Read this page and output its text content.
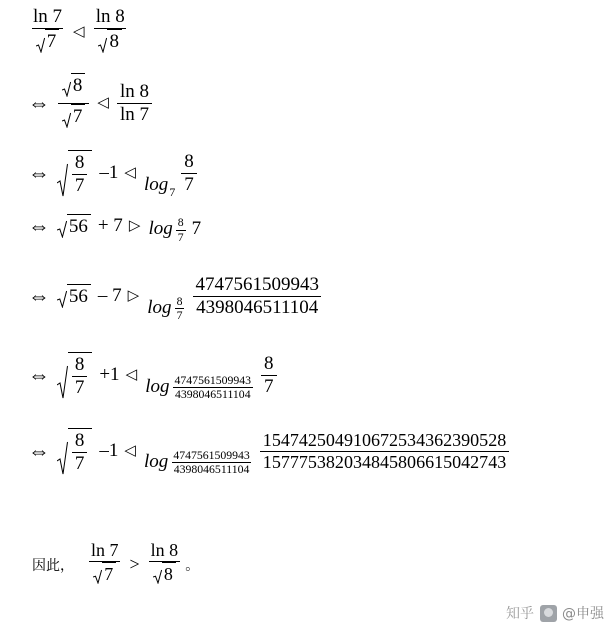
$\frac{\ln 7}{7}$ ◁ $\frac{\ln 8}{8}$
⇔ $\frac{8}{7}$ ◁ $\frac{\ln 8}{\ln 7}$
⇔ $\frac{8}{7} -1$ ◁
$\log 7 \frac{8}{7}$
⇔ 56 + 7 ▷ $\log \frac{8}{7} 7$
⇔ 56 – 7 ▷
$\log \frac{8}{7} \frac{4747561509943}{4398046511104}$
⇔ $\frac{8}{7} +1$ ◁
$\log \frac{4747561509943}{4398046511104} \frac{8}{7}$
⇔ $\frac{8}{7} -1$ ◁
$\log \frac{4747561509943}{4398046511104} \frac{154742504910672534362390528}{157775382034845806615042743}$
因此， $\frac{\ln 7}{7} > \frac{\ln 8}{8}$ 。
知乎 @申强
